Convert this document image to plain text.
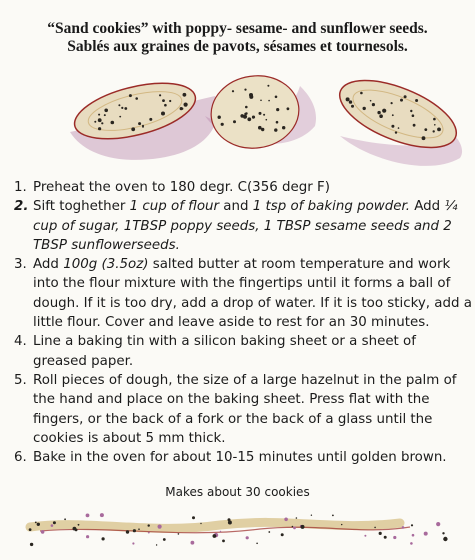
“Sand cookies” with poppy- sesame- and sunflower seeds.
Sablés aux graines de pavots, sésames et tournesols.
1. Preheat the oven to 180 degr. C(356 degr F)
2. Sift toghether 1 cup of flour and 1 tsp of baking powder. Add ¼ cup of sugar, 1TBSP poppy seeds, 1 TBSP sesame seeds and 2 TBSP sunflowerseeds.
3. Add 100g (3.5oz) salted butter at room temperature and work into the flour mixture with the fingertips until it forms a ball of dough. If it is too dry, add a drop of water. If it is too sticky, add a little flour. Cover and leave aside to rest for an 30 minutes.
4. Line a baking tin with a silicon baking sheet or a sheet of greased paper.
5. Roll pieces of dough, the size of a large hazelnut in the palm of the hand and place on the baking sheet. Press flat with the fingers, or the back of a fork or the back of a glass until the cookies is about 5 mm thick.
6. Bake in the oven for about 10-15 minutes until golden brown.
Makes about 30 cookies
